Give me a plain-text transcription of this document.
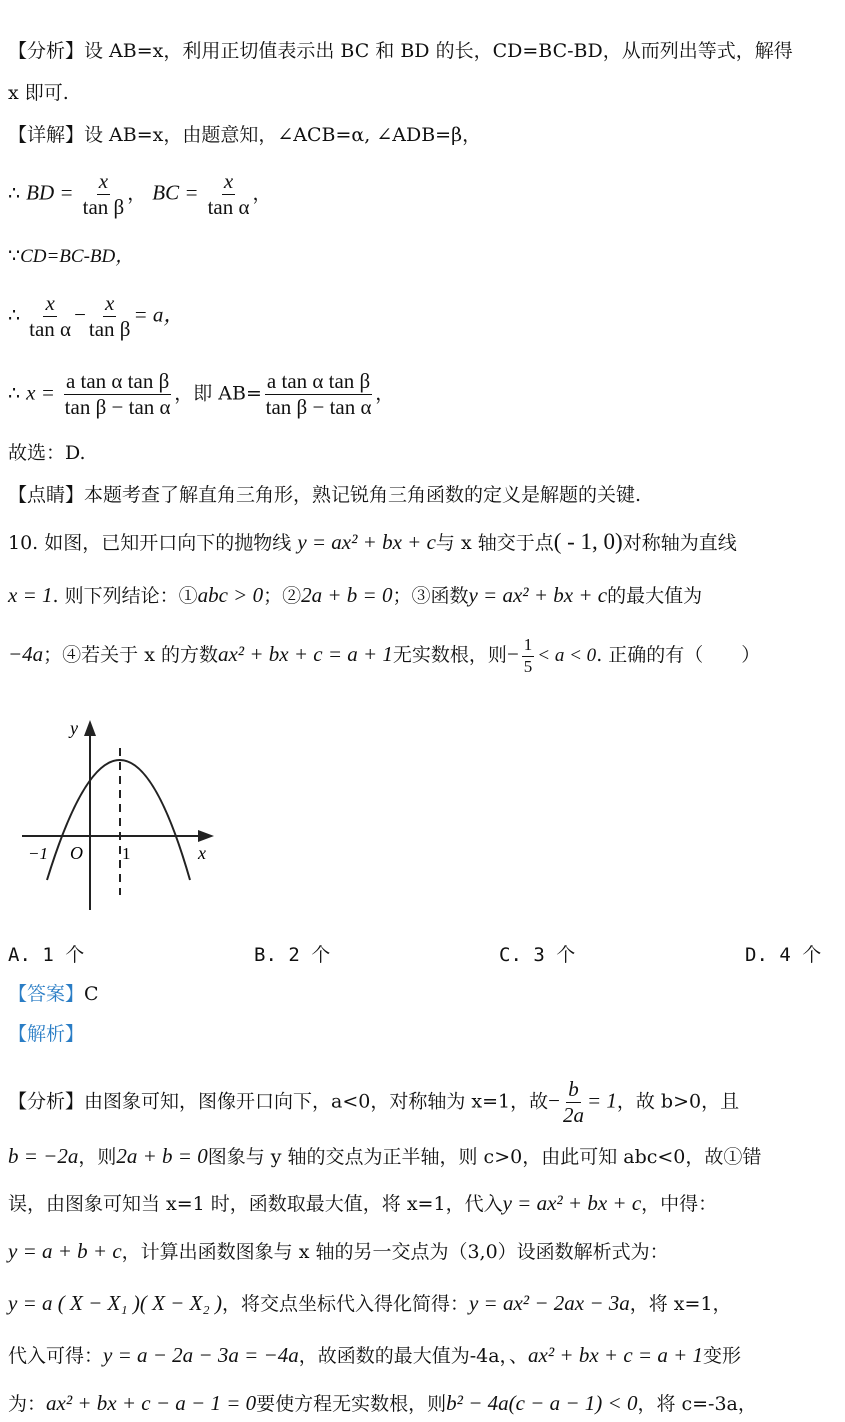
【分析】设 AB=x，利用正切值表示出 BC 和 BD 的长，CD=BC-BD，从而列出等式，解得
x 即可.
【详解】设 AB=x，由题意知，∠ACB=α, ∠ADB=β，
∴ BD = $\frac{x}{\text{tan β}}$ ， BC = $\frac{x}{\text{tan α}}$ ，
∵CD=BC-BD，
∴ $\frac{x}{\text{tan α}} - \frac{x}{\text{tan β}} = a$，
∴ $x = \frac{\text{a tan α tan β}}{\text{tan β − tan α}}$ ，即 $AB= \frac{\text{a tan α tan β}}{\text{tan β − tan α}}$ ，
故选：D.
【点睛】本题考查了解直角三角形，熟记锐角三角函数的定义是解题的关键.
10. 如图，已知开口向下的抛物线 y = ax² + bx + c与 x 轴交于点( - 1, 0)对称轴为直线
x = 1. 则下列结论：①abc > 0；②2a + b = 0；③函数y = ax² + bx + c的最大值为
−4a；④若关于 x 的方数ax² + bx + c = a + 1无实数根，则− $\frac{1}{5} < a < 0$. 正确的有（　　）
y
x
−1 O 1
A. 1 个	B. 2 个	C. 3 个	D. 4 个
【答案】C
【解析】
【分析】由图象可知，图像开口向下，a<0，对称轴为 x=1，故− $\frac{b}{2a} = 1$，故 b>0，且
b = −2a，则2a + b = 0图象与 y 轴的交点为正半轴，则 c>0，由此可知 abc<0，故①错
误，由图象可知当 x=1 时，函数取最大值，将 x=1，代入y = ax² + bx + c，中得：
y = a + b + c，计算出函数图象与 x 轴的另一交点为（3,0）设函数解析式为：
y = a ( X − X₁ )( X − X₂ )，将交点坐标代入得化简得：y = ax² − 2ax − 3a，将 x=1，
代入可得：y = a − 2a − 3a = −4a，故函数的最大值为-4a，、ax² + bx + c = a + 1变形
为：ax² + bx + c − a − 1 = 0要使方程无实数根，则b² − 4a(c − a − 1) < 0，将 c=-3a，
